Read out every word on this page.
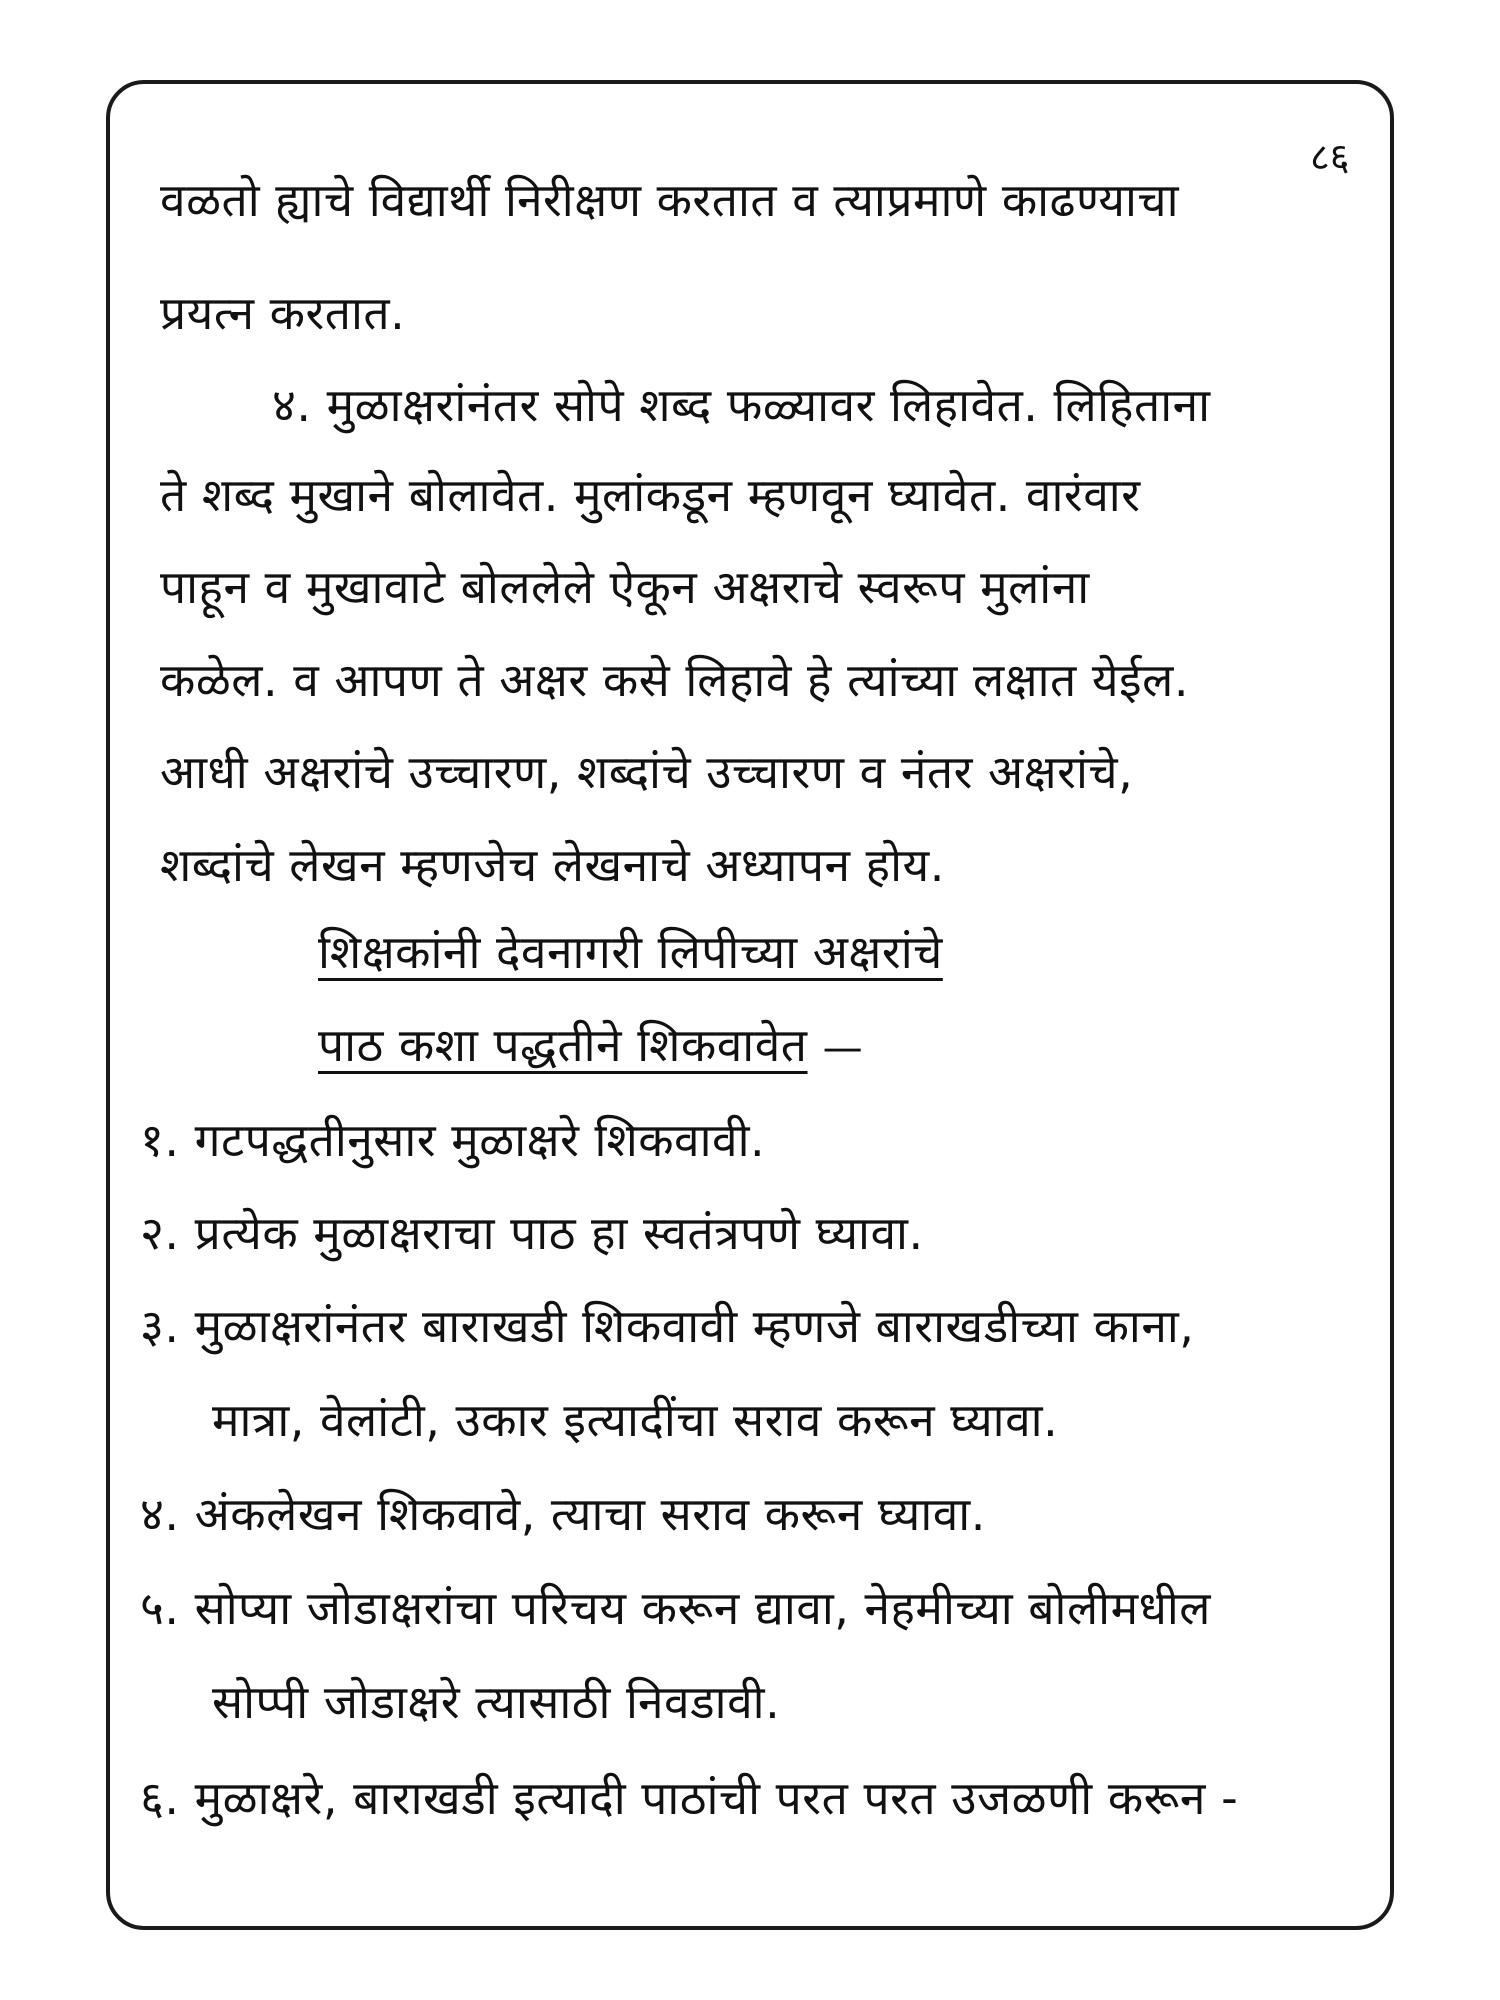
८६
वळतो ह्याचे विद्यार्थी निरीक्षण करतात व त्याप्रमाणे काढण्याचा
प्रयत्न करतात.
४. मुळाक्षरांनंतर सोपे शब्द फळ्यावर लिहावेत. लिहिताना
ते शब्द मुखाने बोलावेत. मुलांकडून म्हणवून घ्यावेत. वारंवार
पाहून व मुखावाटे बोललेले ऐकून अक्षराचे स्वरूप मुलांना
कळेल. व आपण ते अक्षर कसे लिहावे हे त्यांच्या लक्षात येईल.
आधी अक्षरांचे उच्चारण, शब्दांचे उच्चारण व नंतर अक्षरांचे,
शब्दांचे लेखन म्हणजेच लेखनाचे अध्यापन होय.
शिक्षकांनी देवनागरी लिपीच्या अक्षरांचे
पाठ कशा पद्धतीने शिकवावेत —
१. गटपद्धतीनुसार मुळाक्षरे शिकवावी.
२. प्रत्येक मुळाक्षराचा पाठ हा स्वतंत्रपणे घ्यावा.
३. मुळाक्षरांनंतर बाराखडी शिकवावी म्हणजे बाराखडीच्या काना,
मात्रा, वेलांटी, उकार इत्यादींचा सराव करून घ्यावा.
४. अंकलेखन शिकवावे, त्याचा सराव करून घ्यावा.
५. सोप्या जोडाक्षरांचा परिचय करून द्यावा, नेहमीच्या बोलीमधील
सोप्पी जोडाक्षरे त्यासाठी निवडावी.
६. मुळाक्षरे, बाराखडी इत्यादी पाठांची परत परत उजळणी करून -
